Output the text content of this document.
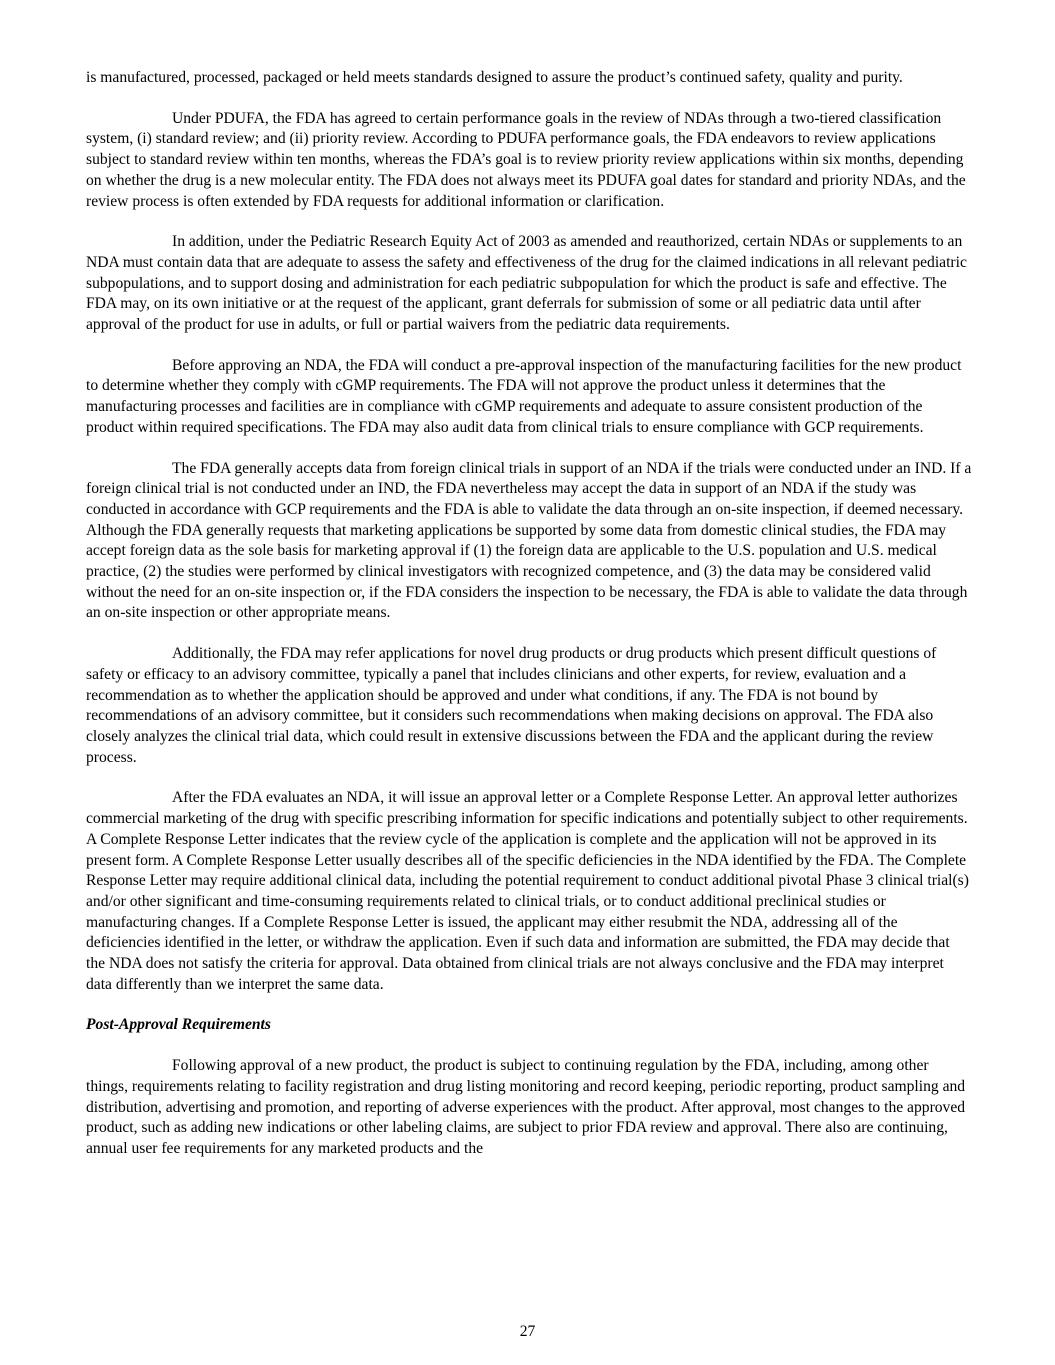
is manufactured, processed, packaged or held meets standards designed to assure the product’s continued safety, quality and purity.

Under PDUFA, the FDA has agreed to certain performance goals in the review of NDAs through a two-tiered classification system, (i) standard review; and (ii) priority review. According to PDUFA performance goals, the FDA endeavors to review applications subject to standard review within ten months, whereas the FDA’s goal is to review priority review applications within six months, depending on whether the drug is a new molecular entity. The FDA does not always meet its PDUFA goal dates for standard and priority NDAs, and the review process is often extended by FDA requests for additional information or clarification.

In addition, under the Pediatric Research Equity Act of 2003 as amended and reauthorized, certain NDAs or supplements to an NDA must contain data that are adequate to assess the safety and effectiveness of the drug for the claimed indications in all relevant pediatric subpopulations, and to support dosing and administration for each pediatric subpopulation for which the product is safe and effective. The FDA may, on its own initiative or at the request of the applicant, grant deferrals for submission of some or all pediatric data until after approval of the product for use in adults, or full or partial waivers from the pediatric data requirements.

Before approving an NDA, the FDA will conduct a pre-approval inspection of the manufacturing facilities for the new product to determine whether they comply with cGMP requirements. The FDA will not approve the product unless it determines that the manufacturing processes and facilities are in compliance with cGMP requirements and adequate to assure consistent production of the product within required specifications. The FDA may also audit data from clinical trials to ensure compliance with GCP requirements.

The FDA generally accepts data from foreign clinical trials in support of an NDA if the trials were conducted under an IND. If a foreign clinical trial is not conducted under an IND, the FDA nevertheless may accept the data in support of an NDA if the study was conducted in accordance with GCP requirements and the FDA is able to validate the data through an on-site inspection, if deemed necessary. Although the FDA generally requests that marketing applications be supported by some data from domestic clinical studies, the FDA may accept foreign data as the sole basis for marketing approval if (1) the foreign data are applicable to the U.S. population and U.S. medical practice, (2) the studies were performed by clinical investigators with recognized competence, and (3) the data may be considered valid without the need for an on-site inspection or, if the FDA considers the inspection to be necessary, the FDA is able to validate the data through an on-site inspection or other appropriate means.

Additionally, the FDA may refer applications for novel drug products or drug products which present difficult questions of safety or efficacy to an advisory committee, typically a panel that includes clinicians and other experts, for review, evaluation and a recommendation as to whether the application should be approved and under what conditions, if any. The FDA is not bound by recommendations of an advisory committee, but it considers such recommendations when making decisions on approval. The FDA also closely analyzes the clinical trial data, which could result in extensive discussions between the FDA and the applicant during the review process.

After the FDA evaluates an NDA, it will issue an approval letter or a Complete Response Letter. An approval letter authorizes commercial marketing of the drug with specific prescribing information for specific indications and potentially subject to other requirements. A Complete Response Letter indicates that the review cycle of the application is complete and the application will not be approved in its present form. A Complete Response Letter usually describes all of the specific deficiencies in the NDA identified by the FDA. The Complete Response Letter may require additional clinical data, including the potential requirement to conduct additional pivotal Phase 3 clinical trial(s) and/or other significant and time-consuming requirements related to clinical trials, or to conduct additional preclinical studies or manufacturing changes. If a Complete Response Letter is issued, the applicant may either resubmit the NDA, addressing all of the deficiencies identified in the letter, or withdraw the application. Even if such data and information are submitted, the FDA may decide that the NDA does not satisfy the criteria for approval. Data obtained from clinical trials are not always conclusive and the FDA may interpret data differently than we interpret the same data.

Post-Approval Requirements

Following approval of a new product, the product is subject to continuing regulation by the FDA, including, among other things, requirements relating to facility registration and drug listing monitoring and record keeping, periodic reporting, product sampling and distribution, advertising and promotion, and reporting of adverse experiences with the product. After approval, most changes to the approved product, such as adding new indications or other labeling claims, are subject to prior FDA review and approval. There also are continuing, annual user fee requirements for any marketed products and the

27
